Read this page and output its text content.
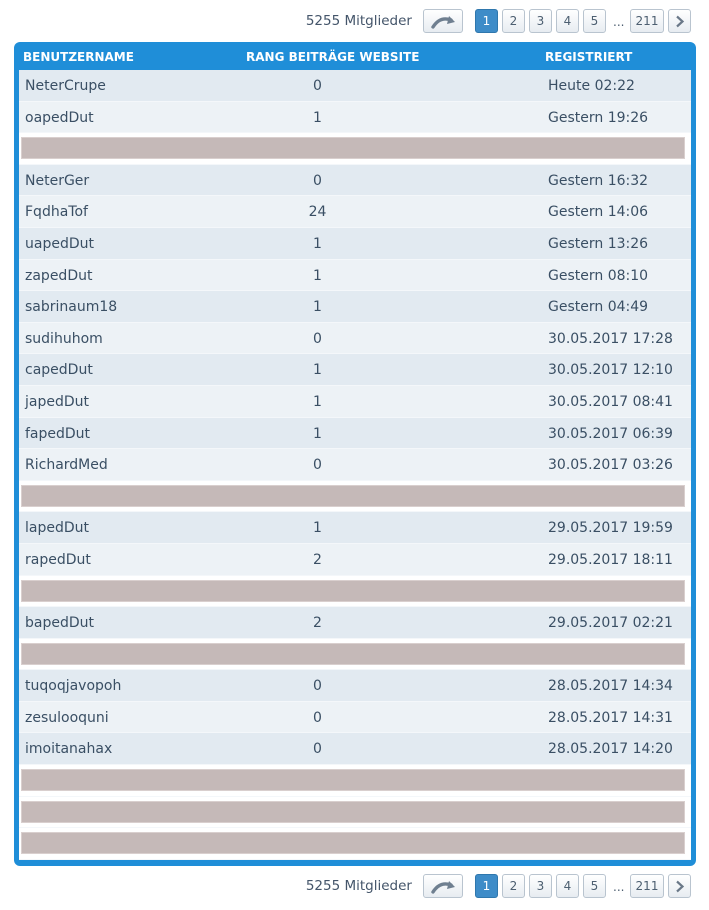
5255 Mitglieder	1	2	3	4	5	... 211
BENUTZERNAME	RANG BEITRÄGE WEBSITE	REGISTRIERT
NeterCrupe	0	Heute 02:22
oapedDut	1	Gestern 19:26
NeterGer	0	Gestern 16:32
FqdhaTof	24	Gestern 14:06
uapedDut	1	Gestern 13:26
zapedDut	1	Gestern 08:10
sabrinaum18	1	Gestern 04:49
sudihuhom	0	30.05.2017 17:28
capedDut	1	30.05.2017 12:10
japedDut	1	30.05.2017 08:41
fapedDut	1	30.05.2017 06:39
RichardMed	0	30.05.2017 03:26
lapedDut	1	29.05.2017 19:59
rapedDut	2	29.05.2017 18:11
bapedDut	2	29.05.2017 02:21
tuqoqjavopoh	0	28.05.2017 14:34
zesulooquni	0	28.05.2017 14:31
imoitanahax	0	28.05.2017 14:20
5255 Mitglieder	1	2	3	4	5	... 211
